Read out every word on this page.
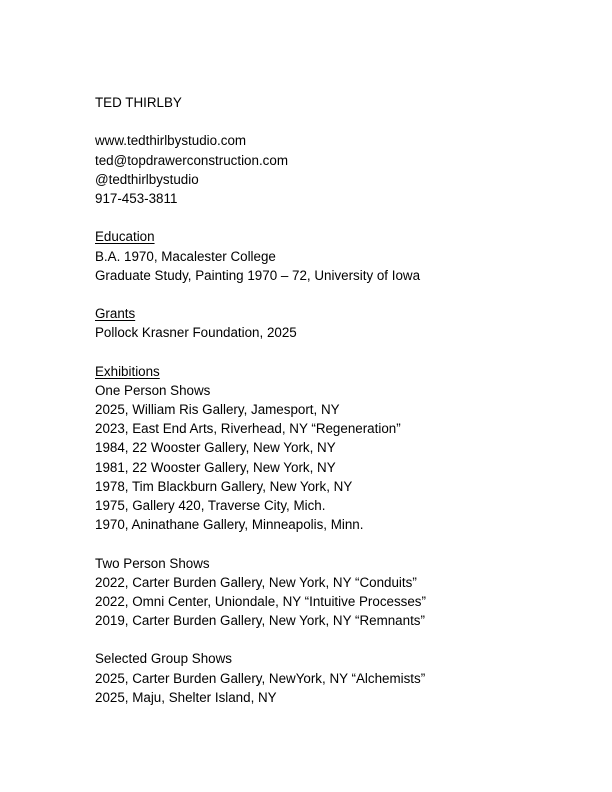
TED THIRLBY
www.tedthirlbystudio.com
ted@topdrawerconstruction.com
@tedthirlbystudio
917-453-3811
Education
B.A. 1970, Macalester College
Graduate Study, Painting 1970 – 72, University of Iowa
Grants
Pollock Krasner Foundation, 2025
Exhibitions
One Person Shows
2025, William Ris Gallery, Jamesport, NY
2023, East End Arts, Riverhead, NY “Regeneration”
1984, 22 Wooster Gallery, New York, NY
1981, 22 Wooster Gallery, New York, NY
1978, Tim Blackburn Gallery, New York, NY
1975, Gallery 420, Traverse City, Mich.
1970, Aninathane Gallery, Minneapolis, Minn.
Two Person Shows
2022, Carter Burden Gallery, New York, NY “Conduits”
2022, Omni Center, Uniondale, NY “Intuitive Processes”
2019, Carter Burden Gallery, New York, NY “Remnants”
Selected Group Shows
2025, Carter Burden Gallery, NewYork, NY “Alchemists”
2025, Maju, Shelter Island, NY
